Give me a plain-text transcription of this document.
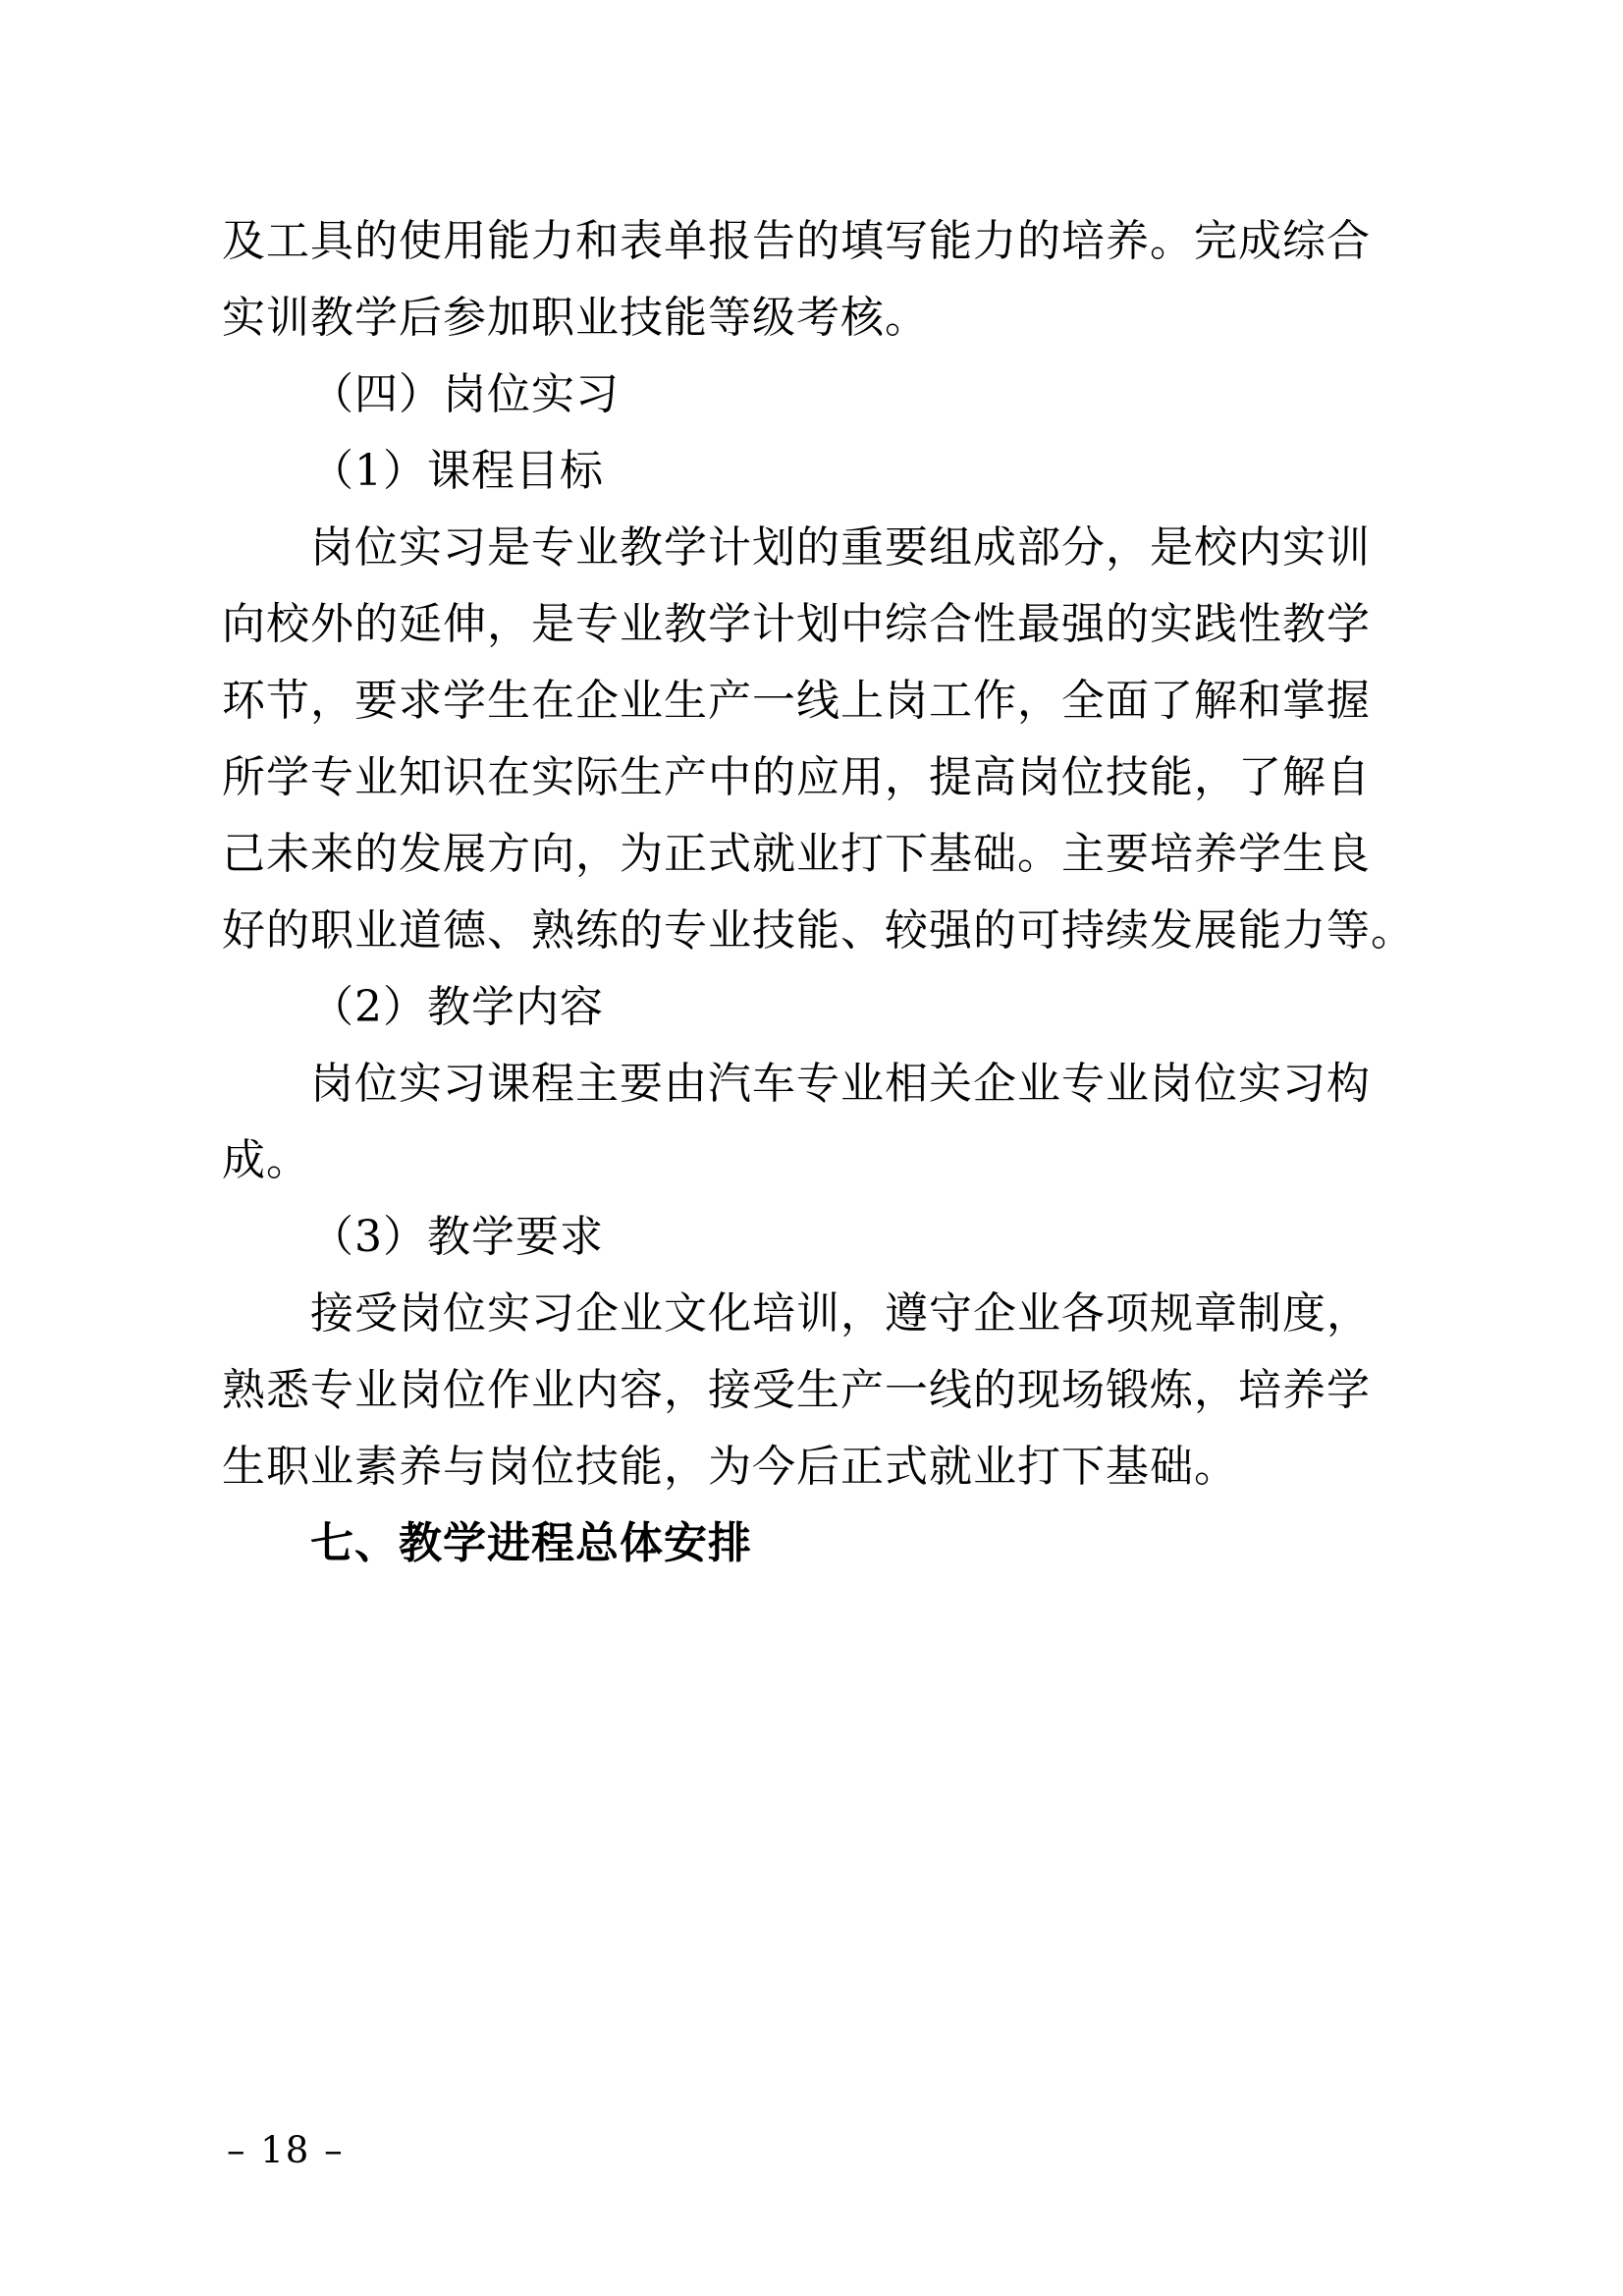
及工具的使用能力和表单报告的填写能力的培养。完成综合
实训教学后参加职业技能等级考核。
（四）岗位实习
（1）课程目标
岗位实习是专业教学计划的重要组成部分，是校内实训
向校外的延伸，是专业教学计划中综合性最强的实践性教学
环节，要求学生在企业生产一线上岗工作，全面了解和掌握
所学专业知识在实际生产中的应用，提高岗位技能，了解自
己未来的发展方向，为正式就业打下基础。主要培养学生良
好的职业道德、熟练的专业技能、较强的可持续发展能力等。
（2）教学内容
岗位实习课程主要由汽车专业相关企业专业岗位实习构
成。
（3）教学要求
接受岗位实习企业文化培训，遵守企业各项规章制度，
熟悉专业岗位作业内容，接受生产一线的现场锻炼，培养学
生职业素养与岗位技能，为今后正式就业打下基础。
七、教学进程总体安排
– 18 –
